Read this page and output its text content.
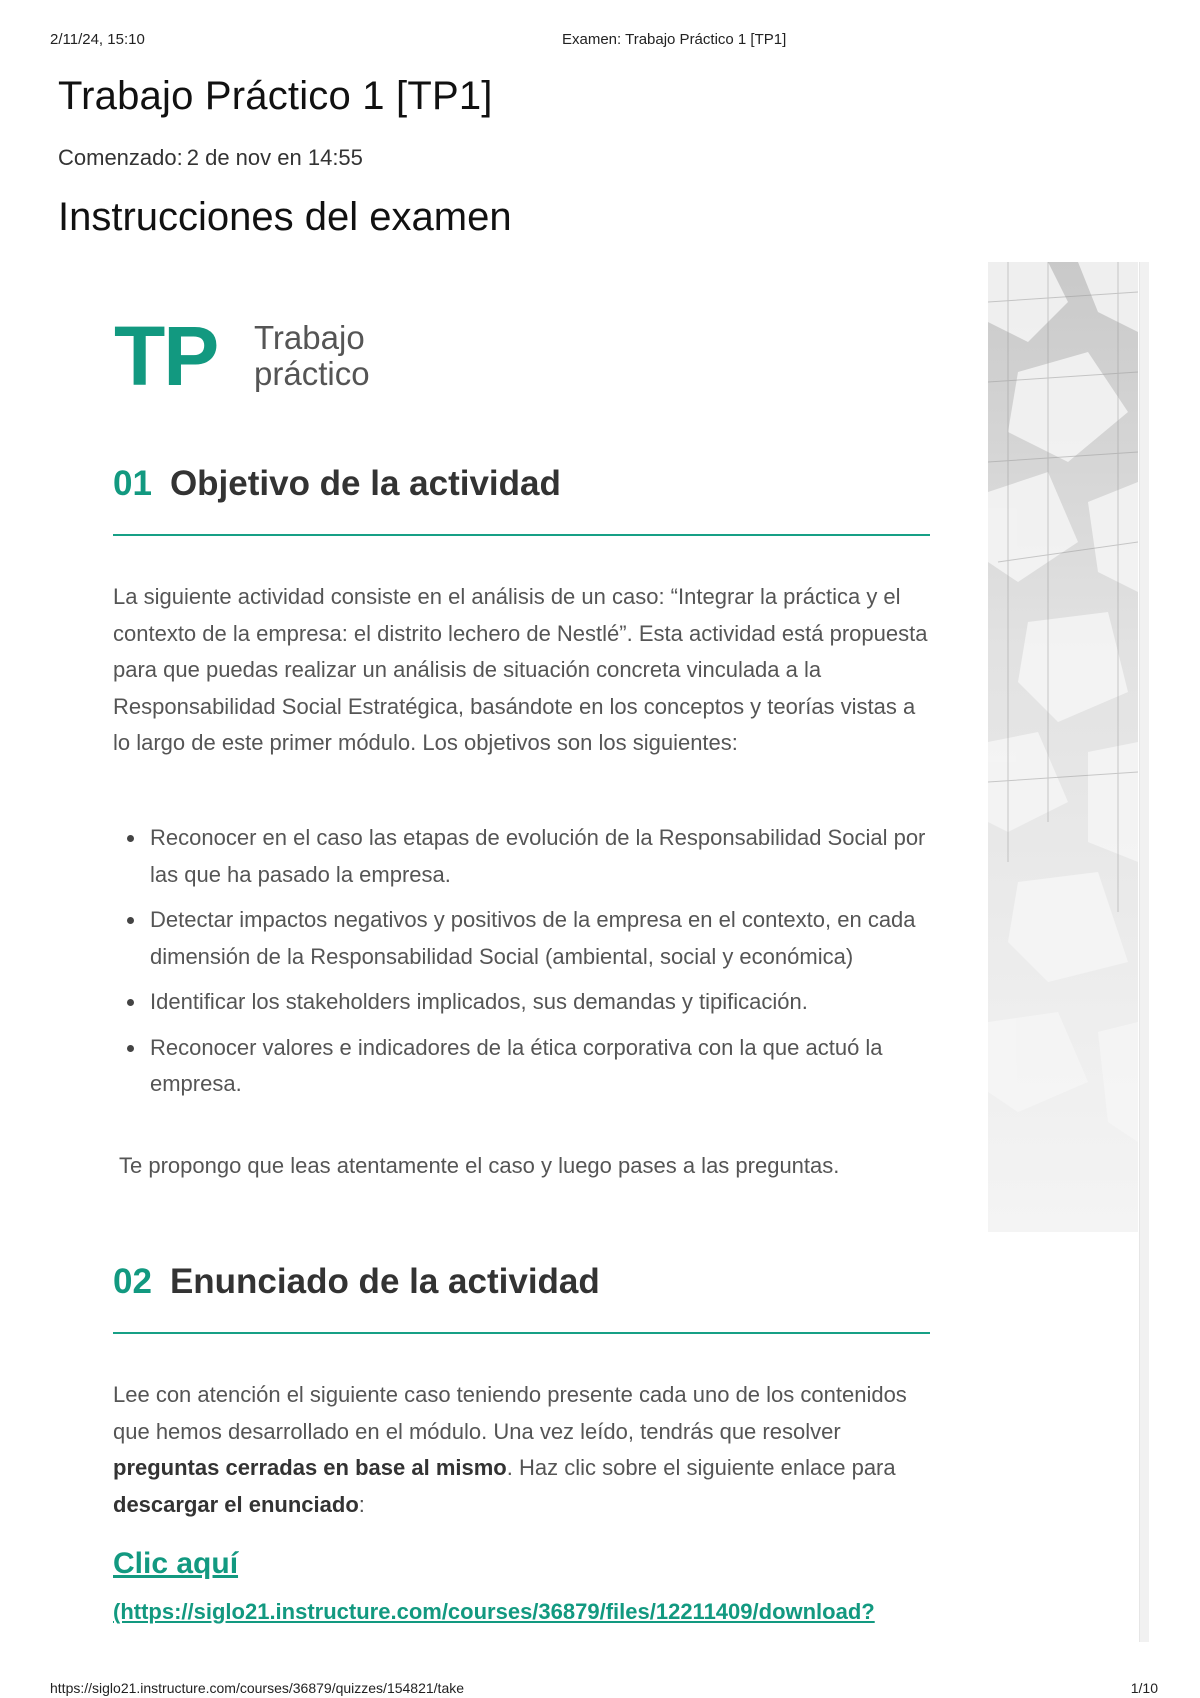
2/11/24, 15:10	Examen: Trabajo Práctico 1 [TP1]
Trabajo Práctico 1 [TP1]
Comenzado: 2 de nov en 14:55
Instrucciones del examen
TP Trabajo
práctico
01 Objetivo de la actividad

La siguiente actividad consiste en el análisis de un caso: “Integrar la práctica y el contexto de la empresa: el distrito lechero de Nestlé”. Esta actividad está propuesta para que puedas realizar un análisis de situación concreta vinculada a la Responsabilidad Social Estratégica, basándote en los conceptos y teorías vistas a lo largo de este primer módulo. Los objetivos son los siguientes:

Reconocer en el caso las etapas de evolución de la Responsabilidad Social por las que ha pasado la empresa.
Detectar impactos negativos y positivos de la empresa en el contexto, en cada dimensión de la Responsabilidad Social (ambiental, social y económica)
Identificar los stakeholders implicados, sus demandas y tipificación.
Reconocer valores e indicadores de la ética corporativa con la que actuó la empresa.

Te propongo que leas atentamente el caso y luego pases a las preguntas.

02 Enunciado de la actividad

Lee con atención el siguiente caso teniendo presente cada uno de los contenidos que hemos desarrollado en el módulo. Una vez leído, tendrás que resolver preguntas cerradas en base al mismo. Haz clic sobre el siguiente enlace para descargar el enunciado:

Clic aquí
(https://siglo21.instructure.com/courses/36879/files/12211409/download?
https://siglo21.instructure.com/courses/36879/quizzes/154821/take	1/10
